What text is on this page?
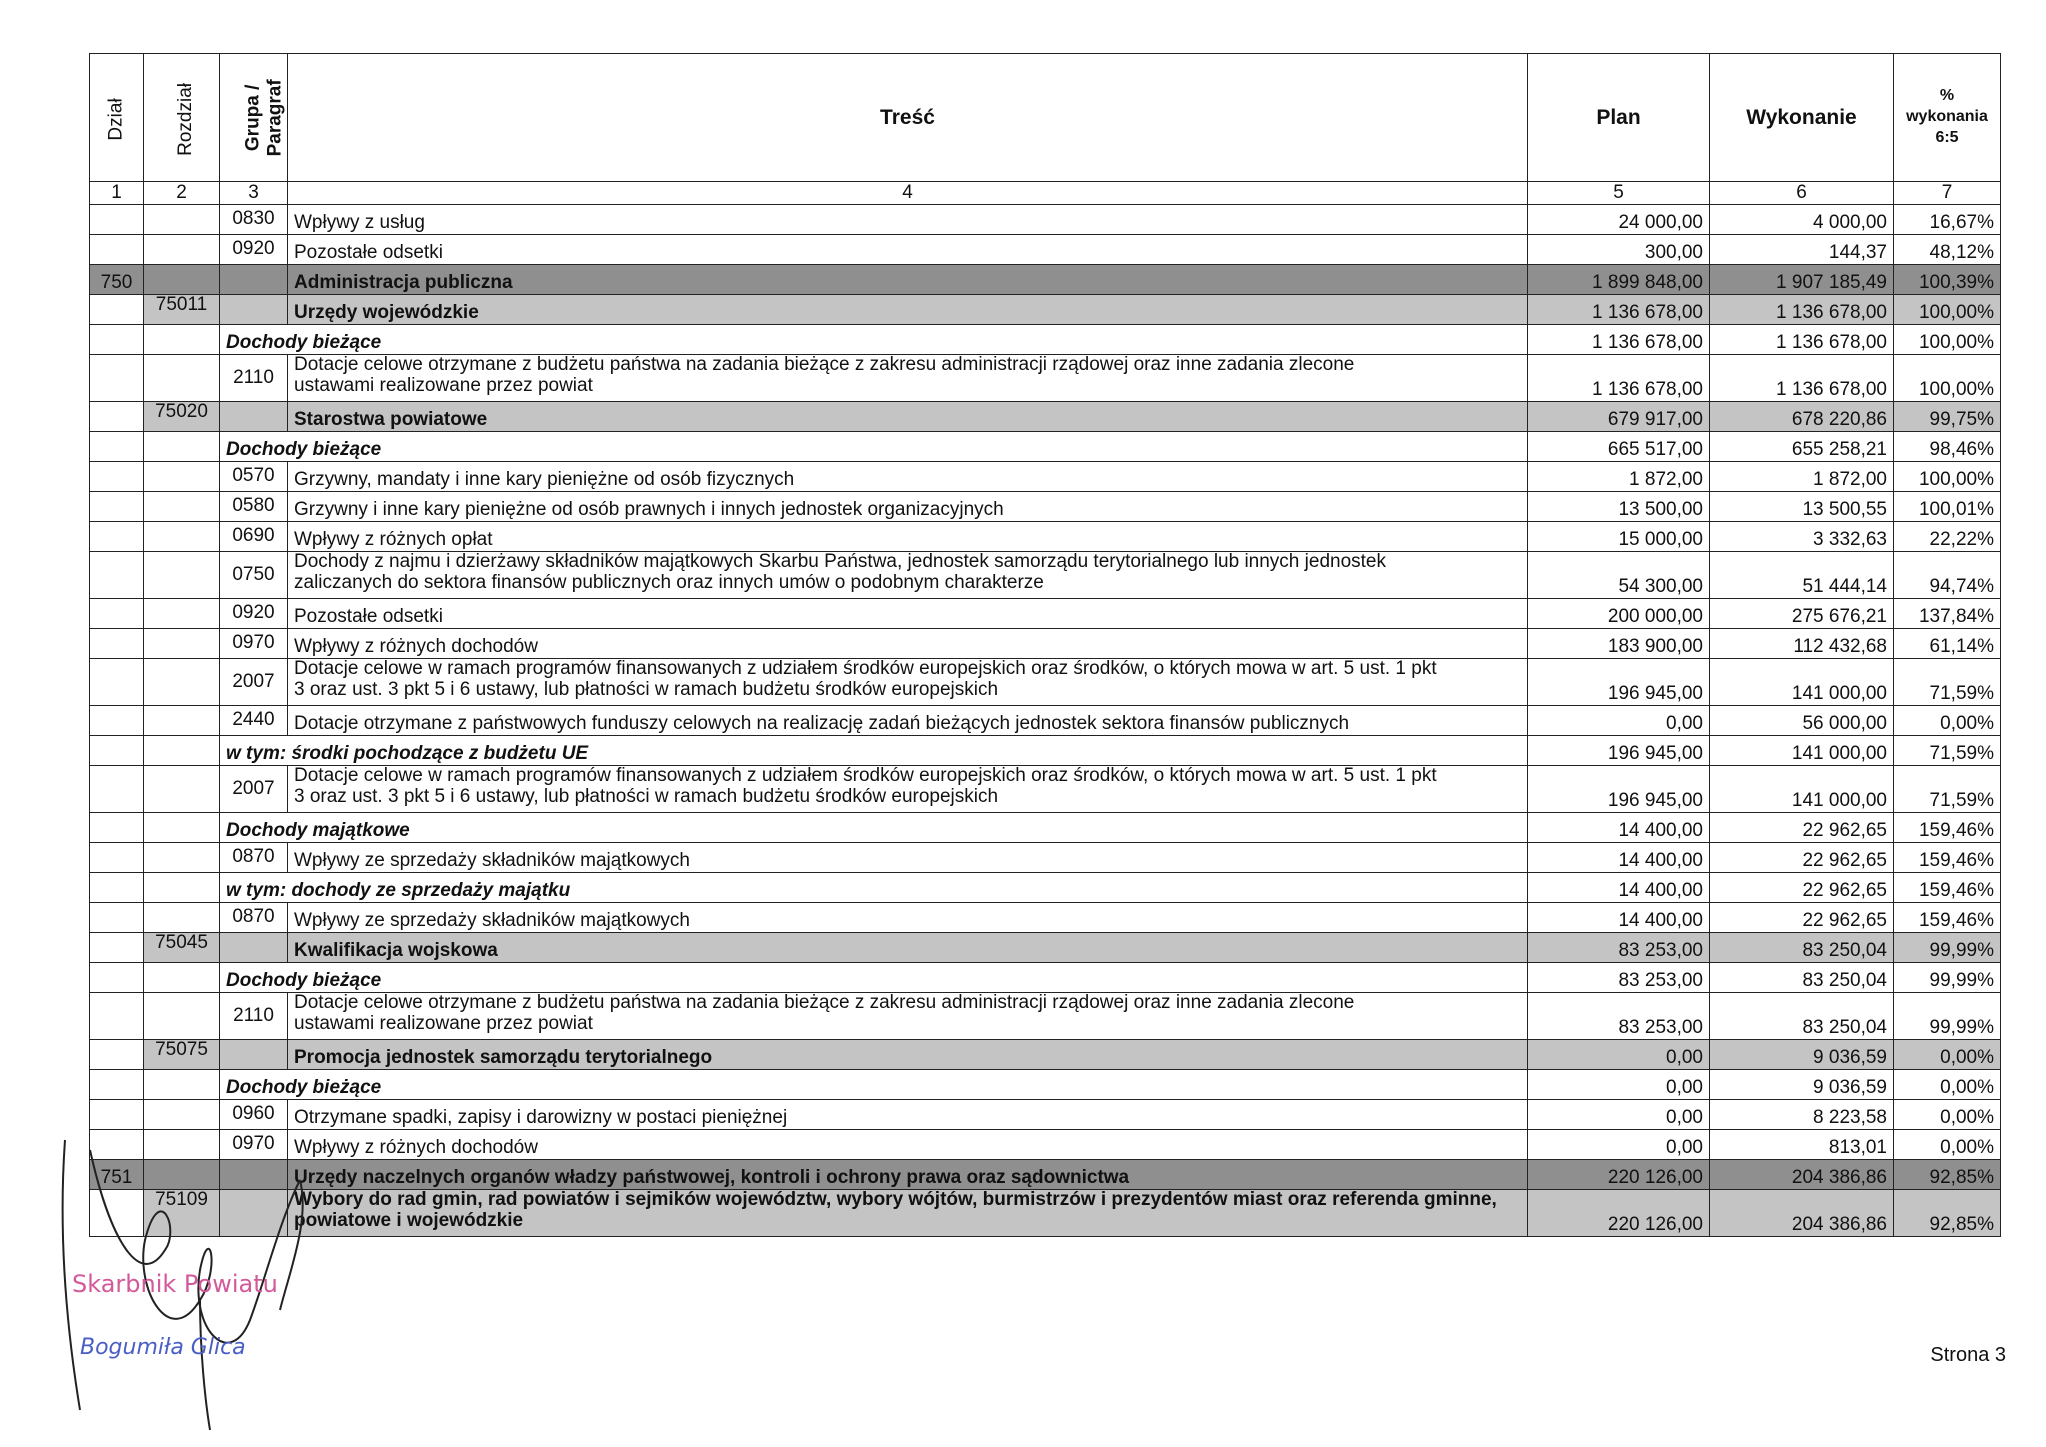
Dział	Rozdział	Grupa /
Paragraf	Treść	Plan	Wykonanie	%
wykonania
6:5
1	2	3	4	5	6	7
		0830	Wpływy z usług	24 000,00	4 000,00	16,67%
		0920	Pozostałe odsetki	300,00	144,37	48,12%
750			Administracja publiczna	1 899 848,00	1 907 185,49	100,39%
	75011		Urzędy wojewódzkie	1 136 678,00	1 136 678,00	100,00%
		Dochody bieżące		1 136 678,00	1 136 678,00	100,00%
		2110	Dotacje celowe otrzymane z budżetu państwa na zadania bieżące z zakresu administracji rządowej oraz inne zadania zlecone ustawami realizowane przez powiat	1 136 678,00	1 136 678,00	100,00%
	75020		Starostwa powiatowe	679 917,00	678 220,86	99,75%
		Dochody bieżące		665 517,00	655 258,21	98,46%
		0570	Grzywny, mandaty i inne kary pieniężne od osób fizycznych	1 872,00	1 872,00	100,00%
		0580	Grzywny i inne kary pieniężne od osób prawnych i innych jednostek organizacyjnych	13 500,00	13 500,55	100,01%
		0690	Wpływy z różnych opłat	15 000,00	3 332,63	22,22%
		0750	Dochody z najmu i dzierżawy składników majątkowych Skarbu Państwa, jednostek samorządu terytorialnego lub innych jednostek zaliczanych do sektora finansów publicznych oraz innych umów o podobnym charakterze	54 300,00	51 444,14	94,74%
		0920	Pozostałe odsetki	200 000,00	275 676,21	137,84%
		0970	Wpływy z różnych dochodów	183 900,00	112 432,68	61,14%
		2007	Dotacje celowe w ramach programów finansowanych z udziałem środków europejskich oraz środków, o których mowa w art. 5 ust. 1 pkt 3 oraz ust. 3 pkt 5 i 6 ustawy, lub płatności w ramach budżetu środków europejskich	196 945,00	141 000,00	71,59%
		2440	Dotacje otrzymane z państwowych funduszy celowych na realizację zadań bieżących jednostek sektora finansów publicznych	0,00	56 000,00	0,00%
		w tym: środki pochodzące z budżetu UE		196 945,00	141 000,00	71,59%
		2007	Dotacje celowe w ramach programów finansowanych z udziałem środków europejskich oraz środków, o których mowa w art. 5 ust. 1 pkt 3 oraz ust. 3 pkt 5 i 6 ustawy, lub płatności w ramach budżetu środków europejskich	196 945,00	141 000,00	71,59%
		Dochody majątkowe		14 400,00	22 962,65	159,46%
		0870	Wpływy ze sprzedaży składników majątkowych	14 400,00	22 962,65	159,46%
		w tym: dochody ze sprzedaży majątku		14 400,00	22 962,65	159,46%
		0870	Wpływy ze sprzedaży składników majątkowych	14 400,00	22 962,65	159,46%
	75045		Kwalifikacja wojskowa	83 253,00	83 250,04	99,99%
		Dochody bieżące		83 253,00	83 250,04	99,99%
		2110	Dotacje celowe otrzymane z budżetu państwa na zadania bieżące z zakresu administracji rządowej oraz inne zadania zlecone ustawami realizowane przez powiat	83 253,00	83 250,04	99,99%
	75075		Promocja jednostek samorządu terytorialnego	0,00	9 036,59	0,00%
		Dochody bieżące		0,00	9 036,59	0,00%
		0960	Otrzymane spadki, zapisy i darowizny w postaci pieniężnej	0,00	8 223,58	0,00%
		0970	Wpływy z różnych dochodów	0,00	813,01	0,00%
751			Urzędy naczelnych organów władzy państwowej, kontroli i ochrony prawa oraz sądownictwa	220 126,00	204 386,86	92,85%
	75109		Wybory do rad gmin, rad powiatów i sejmików województw, wybory wójtów, burmistrzów i prezydentów miast oraz referenda gminne, powiatowe i wojewódzkie	220 126,00	204 386,86	92,85%
Skarbnik Powiatu
Bogumiła Glica	Strona 3
